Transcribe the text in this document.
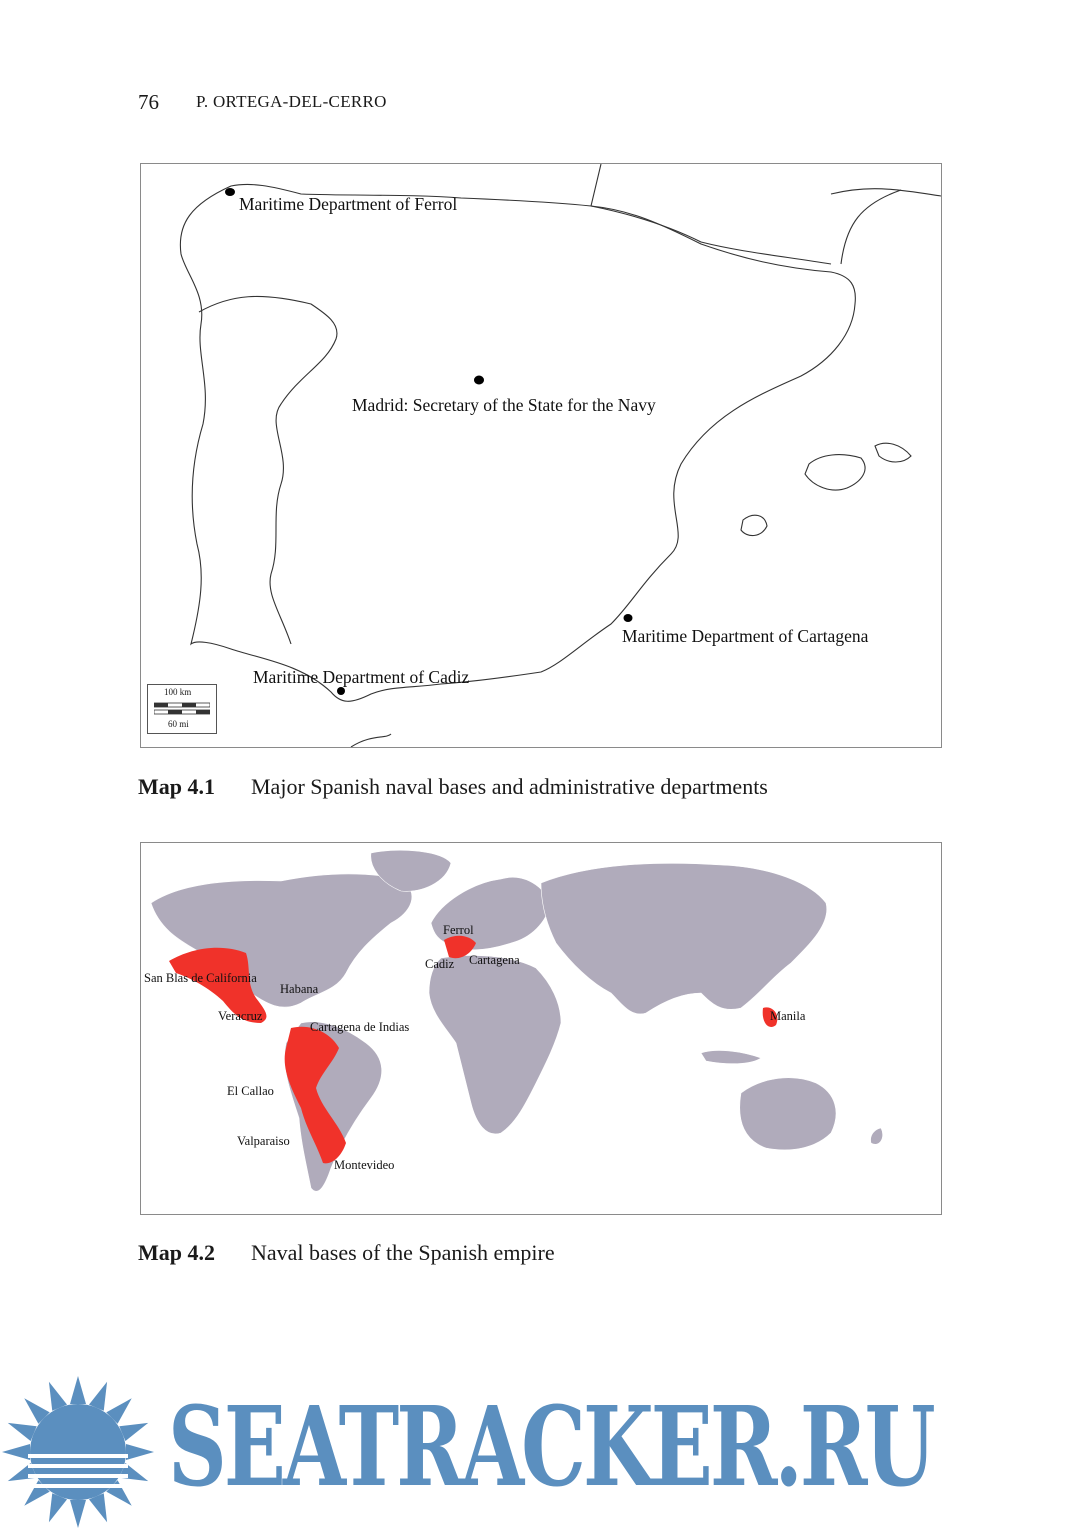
76 P. ORTEGA-DEL-CERRO
Maritime Department of Ferrol
Madrid: Secretary of the State for the Navy
Maritime Department of Cartagena
Maritime Department of Cadiz
100 km
60 mi
Map 4.1 Major Spanish naval bases and administrative departments
Ferrol
Cadiz Cartagena
San Blas de California
Habana
Veracruz
Cartagena de Indias
El Callao
Valparaiso
Montevideo
Manila
Map 4.2 Naval bases of the Spanish empire
SEATRACKER.RU
